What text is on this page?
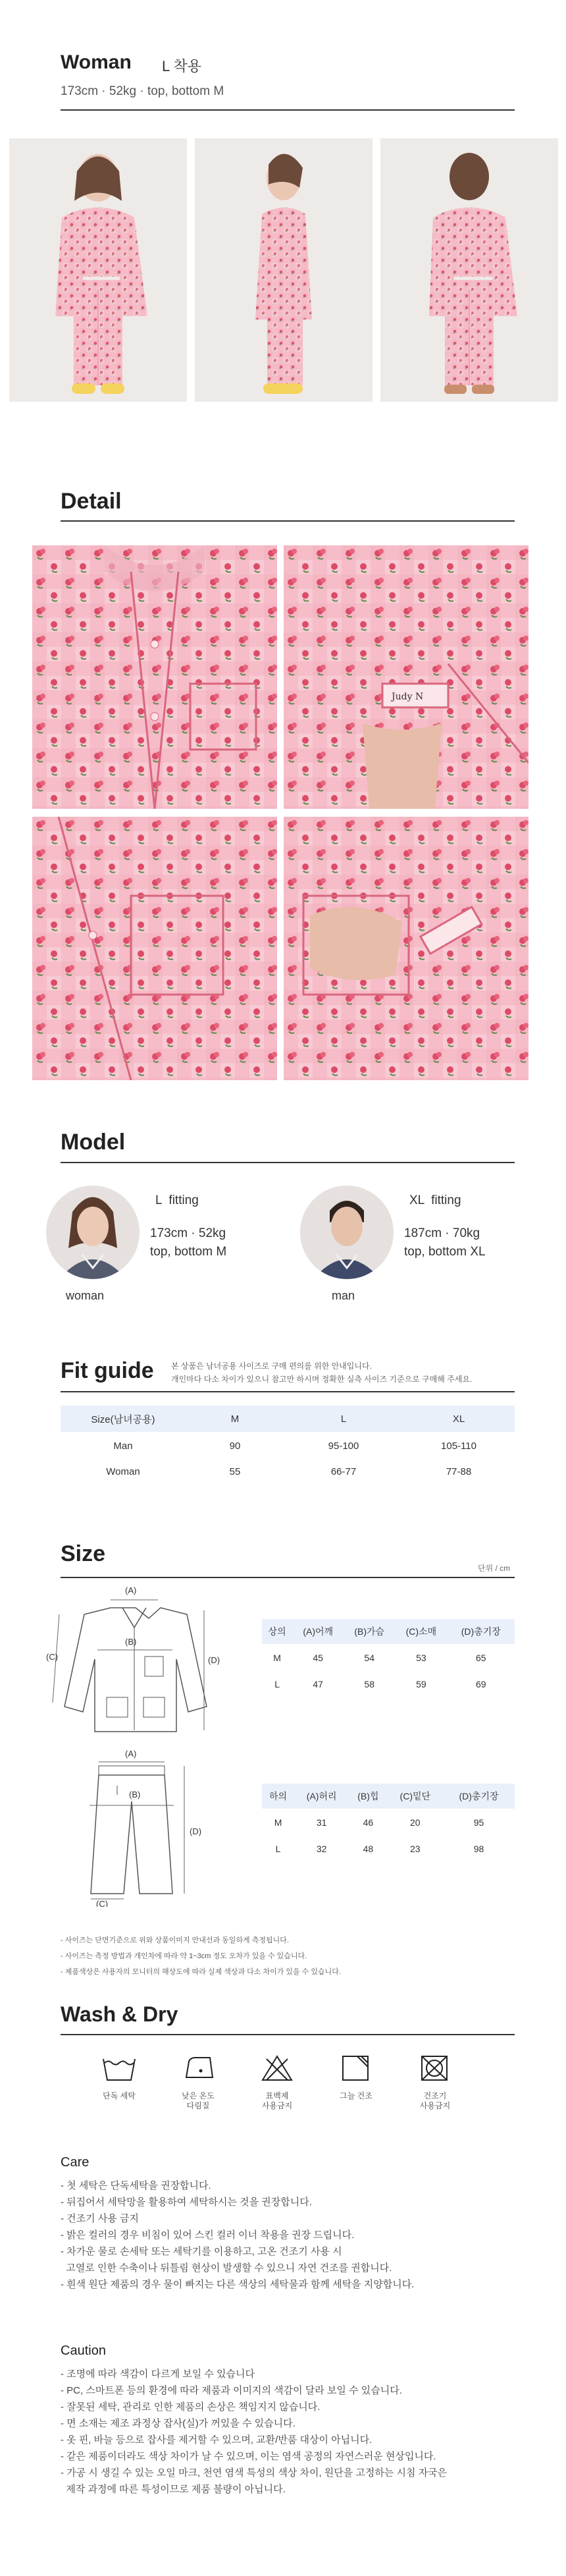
Woman L 착용
173cm · 52kg · top, bottom M
Detail
Judy N
Model
L  fitting
173cm · 52kg
top, bottom M
woman
XL  fitting
187cm · 70kg
top, bottom XL
man
Fit guide 본 상품은 남녀공용 사이즈로 구매 편의를 위한 안내입니다.
개인마다 다소 차이가 있으니 참고만 하시며 정확한 실측 사이즈 기준으로 구매해 주세요.
Size(남녀공용)	M	L	XL
Man	90	95-100	105-110
Woman	55	66-77	77-88
Size
단위 / cm
(A)
(B)
(C)	(D)
상의	(A)어깨	(B)가슴	(C)소매	(D)총기장
M	45	54	53	65
L	47	58	59	69
(A)
(B)
(D)
(C)
하의	(A)허리	(B)힙	(C)밑단	(D)총기장
M	31	46	20	95
L	32	48	23	98
- 사이즈는 단면기준으로 위와 상품이미지 안내선과 동일하게 측정됩니다.
- 사이즈는 측정 방법과 개인차에 따라 약 1~3cm 정도 오차가 있을 수 있습니다.
- 제품색상은 사용자의 모니터의 해상도에 따라 실제 색상과 다소 차이가 있을 수 있습니다.
Wash & Dry
단독 세탁	낮은 온도
다림질
표백제
사용금지
그늘 건조	건조기
사용금지
Care
- 첫 세탁은 단독세탁을 권장합니다.
- 뒤집어서 세탁망을 활용하여 세탁하시는 것을 권장합니다.
- 건조기 사용 금지
- 밝은 컬러의 경우 비침이 있어 스킨 컬러 이너 착용을 권장 드립니다.
- 차가운 물로 손세탁 또는 세탁기를 이용하고, 고온 건조기 사용 시
고열로 인한 수축이나 뒤틀림 현상이 발생할 수 있으니 자연 건조를 권합니다.
- 흰색 원단 제품의 경우 물이 빠지는 다른 색상의 세탁물과 함께 세탁을 지양합니다.
Caution
- 조명에 따라 색감이 다르게 보일 수 있습니다
- PC, 스마트폰 등의 환경에 따라 제품과 이미지의 색감이 달라 보일 수 있습니다.
- 잘못된 세탁, 관리로 인한 제품의 손상은 책임지지 않습니다.
- 면 소재는 제조 과정상 잡사(실)가 꺼있을 수 있습니다.
- 옷 핀, 바늘 등으로 잡사를 제거할 수 있으며, 교환/반품 대상이 아닙니다.
- 같은 제품이더라도 색상 차이가 날 수 있으며, 이는 염색 공정의 자연스러운 현상입니다.
- 가공 시 생길 수 있는 오일 마크, 천연 염색 특성의 색상 차이, 원단을 고정하는 시침 자국은
제작 과정에 따른 특성이므로 제품 불량이 아닙니다.
